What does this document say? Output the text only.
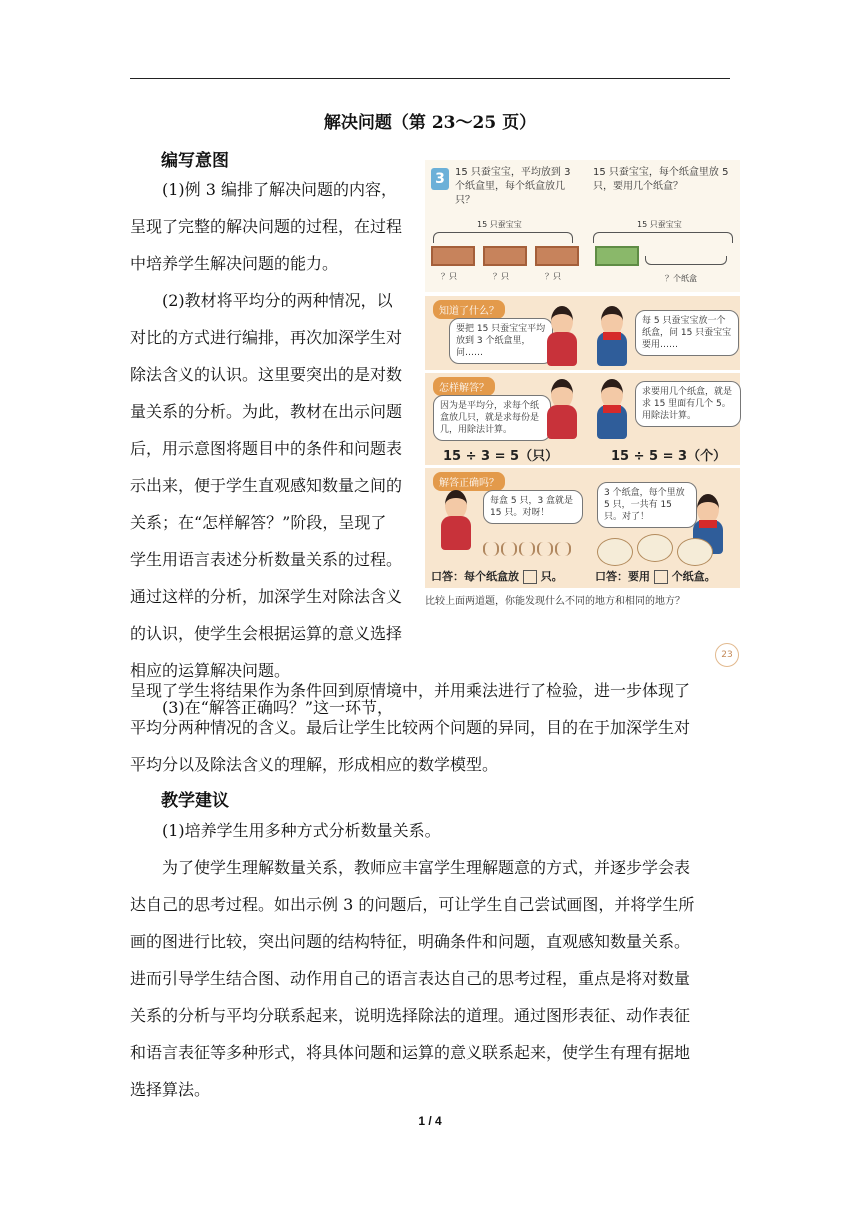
解决问题（第 23～25 页）
编写意图
(1)例 3 编排了解决问题的内容，
呈现了完整的解决问题的过程，在过程
中培养学生解决问题的能力。
(2)教材将平均分的两种情况，以
对比的方式进行编排，再次加深学生对
除法含义的认识。这里要突出的是对数
量关系的分析。为此，教材在出示问题
后，用示意图将题目中的条件和问题表
示出来，便于学生直观感知数量之间的
关系；在“怎样解答？”阶段，呈现了
学生用语言表述分析数量关系的过程。
通过这样的分析，加深学生对除法含义
的认识，使学生会根据运算的意义选择
相应的运算解决问题。
(3)在“解答正确吗？”这一环节，
呈现了学生将结果作为条件回到原情境中，并用乘法进行了检验，进一步体现了
平均分两种情况的含义。最后让学生比较两个问题的异同，目的在于加深学生对
平均分以及除法含义的理解，形成相应的数学模型。
教学建议
(1)培养学生用多种方式分析数量关系。
为了使学生理解数量关系，教师应丰富学生理解题意的方式，并逐步学会表
达自己的思考过程。如出示例 3 的问题后，可让学生自己尝试画图，并将学生所
画的图进行比较，突出问题的结构特征，明确条件和问题，直观感知数量关系。
进而引导学生结合图、动作用自己的语言表达自己的思考过程，重点是将对数量
关系的分析与平均分联系起来，说明选择除法的道理。通过图形表征、动作表征
和语言表征等多种形式，将具体问题和运算的意义联系起来，使学生有理有据地
选择算法。
3	15 只蚕宝宝，平均放到 3 个纸盒里，每个纸盒放几只？
15 只蚕宝宝
？只	？只	？只
15 只蚕宝宝，每个纸盒里放 5 只，要用几个纸盒？
15 只蚕宝宝
？个纸盒
知道了什么？
要把 15 只蚕宝宝平均放到 3 个纸盒里，问……
每 5 只蚕宝宝放一个纸盒，问 15 只蚕宝宝要用……
怎样解答？
因为是平均分，求每个纸盒放几只，就是求每份是几，用除法计算。
求要用几个纸盒，就是求 15 里面有几个 5。用除法计算。
15 ÷ 3 = 5（只）	15 ÷ 5 = 3（个）
解答正确吗？
每盒 5 只，3 盒就是 15 只。对呀！
3 个纸盒，每个里放 5 只，一共有 15 只。对了！
口答：每个纸盒放 只。	口答：要用 个纸盒。
比较上面两道题，你能发现什么不同的地方和相同的地方？
23
1 / 4
